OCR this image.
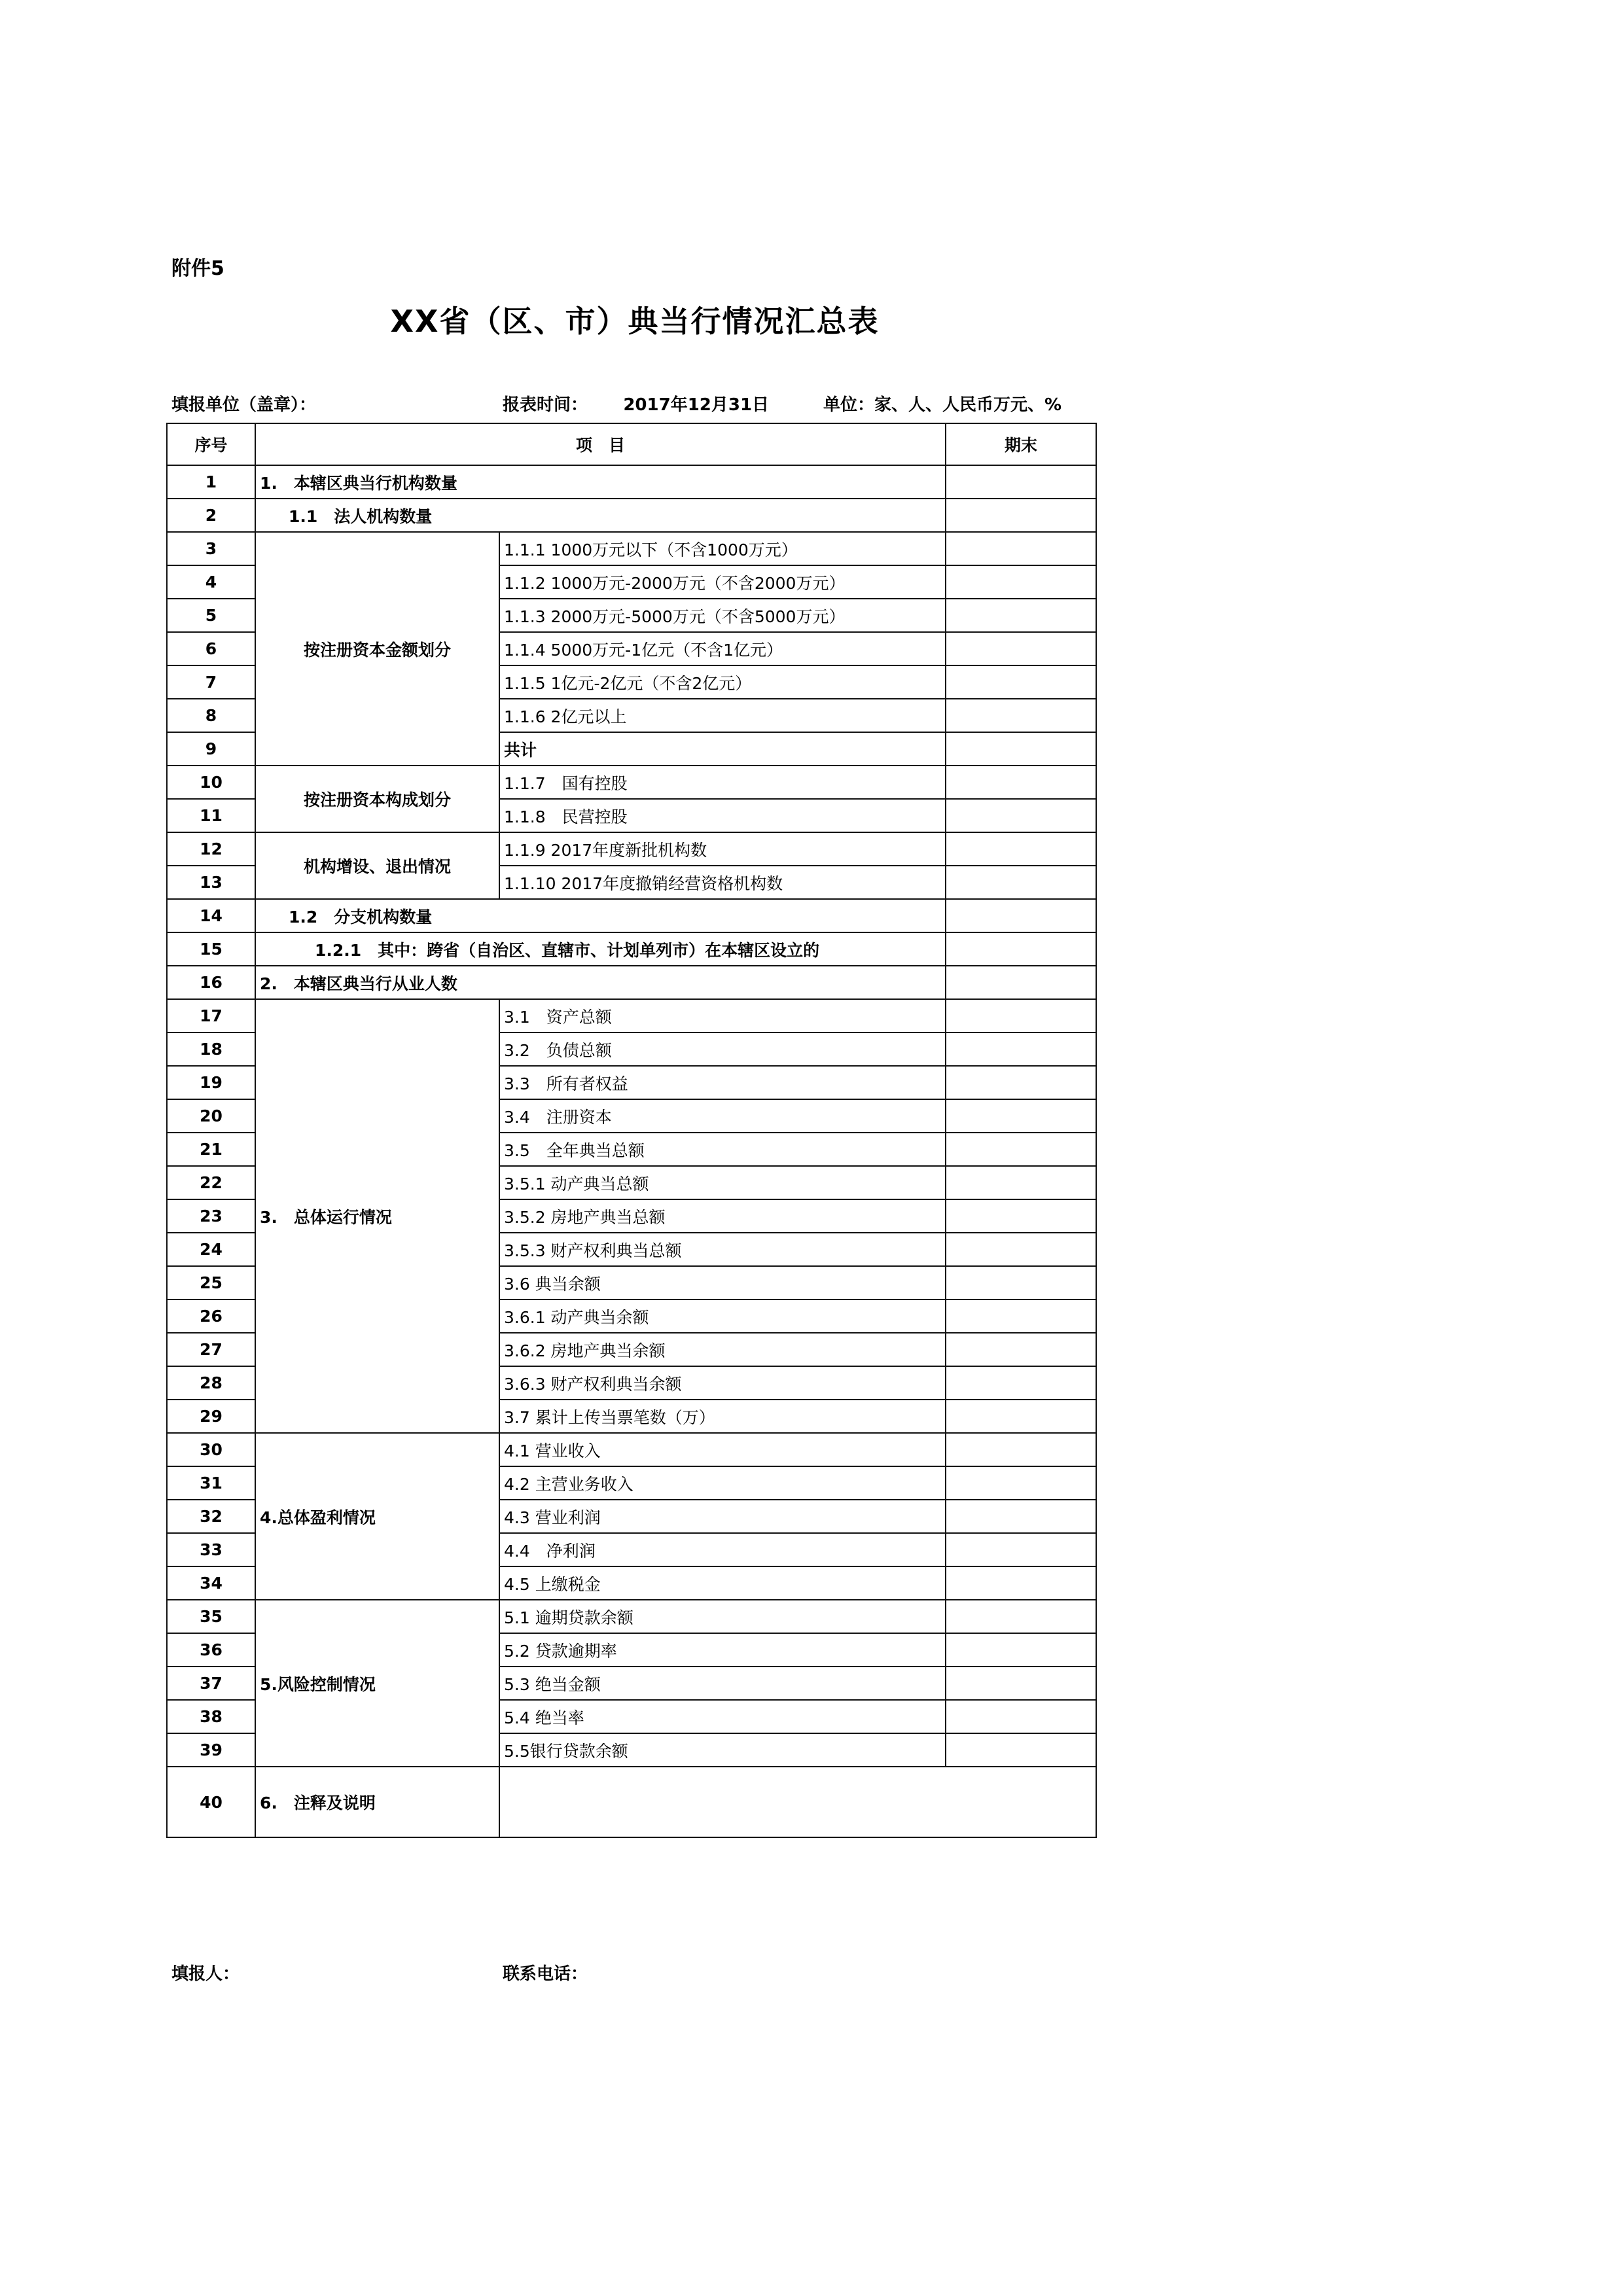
附件5
XX省（区、市）典当行情况汇总表
填报单位（盖章）：	报表时间： 2017年12月31日	单位：家、人、人民币万元、%
序号	项　目		期末
1	1.　本辖区典当行机构数量		
2	1.1　法人机构数量		
3	按注册资本金额划分	1.1.1 1000万元以下（不含1000万元）	
4		1.1.2 1000万元-2000万元（不含2000万元）	
5		1.1.3 2000万元-5000万元（不含5000万元）	
6		1.1.4 5000万元-1亿元（不含1亿元）	
7		1.1.5 1亿元-2亿元（不含2亿元）	
8		1.1.6 2亿元以上	
9		共计	
10	按注册资本构成划分	1.1.7　国有控股	
11		1.1.8　民营控股	
12	机构增设、退出情况	1.1.9 2017年度新批机构数	
13		1.1.10 2017年度撤销经营资格机构数	
14	1.2　分支机构数量		
15	1.2.1　其中：跨省（自治区、直辖市、计划单列市）在本辖区设立的		
16	2.　本辖区典当行从业人数		
17	3.　总体运行情况	3.1　资产总额	
18		3.2　负债总额	
19		3.3　所有者权益	
20		3.4　注册资本	
21		3.5　全年典当总额	
22		3.5.1 动产典当总额	
23		3.5.2 房地产典当总额	
24		3.5.3 财产权利典当总额	
25		3.6 典当余额	
26		3.6.1 动产典当余额	
27		3.6.2 房地产典当余额	
28		3.6.3 财产权利典当余额	
29		3.7 累计上传当票笔数（万）	
30	4.总体盈利情况	4.1 营业收入	
31		4.2 主营业务收入	
32		4.3 营业利润	
33		4.4　净利润	
34		4.5 上缴税金	
35	5.风险控制情况	5.1 逾期贷款余额	
36		5.2 贷款逾期率	
37		5.3 绝当金额	
38		5.4 绝当率	
39		5.5银行贷款余额	
40	6.　注释及说明		
填报人：	联系电话：
